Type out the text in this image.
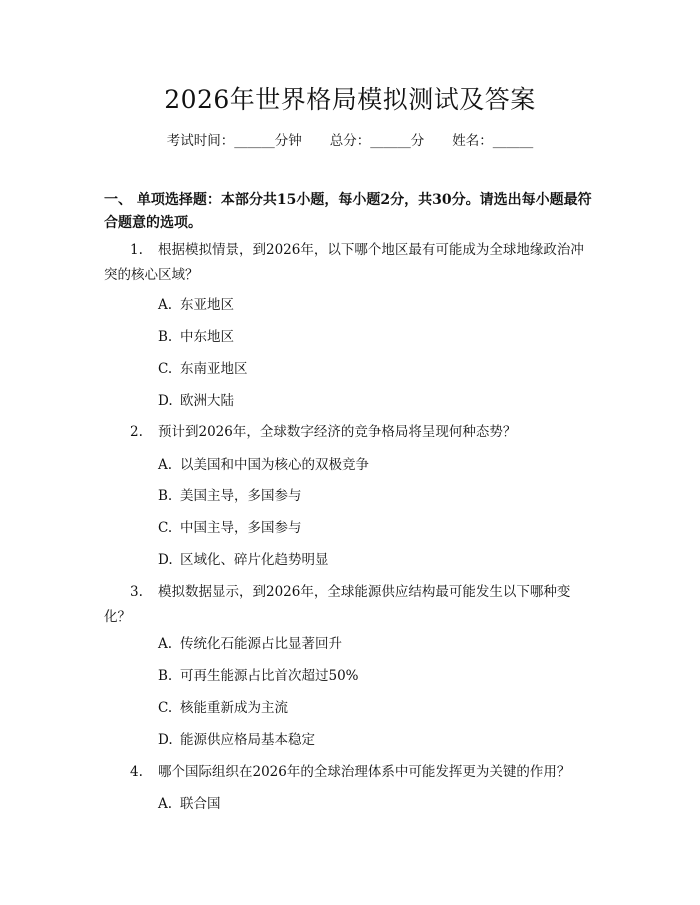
2026年世界格局模拟测试及答案
考试时间：______分钟 总分：______分 姓名：______
一、 单项选择题：本部分共15小题，每小题2分，共30分。请选出每小题最符合题意的选项。
1. 根据模拟情景，到2026年，以下哪个地区最有可能成为全球地缘政治冲突的核心区域？
A. 东亚地区
B. 中东地区
C. 东南亚地区
D. 欧洲大陆
2. 预计到2026年，全球数字经济的竞争格局将呈现何种态势？
A. 以美国和中国为核心的双极竞争
B. 美国主导，多国参与
C. 中国主导，多国参与
D. 区域化、碎片化趋势明显
3. 模拟数据显示，到2026年，全球能源供应结构最可能发生以下哪种变化？
A. 传统化石能源占比显著回升
B. 可再生能源占比首次超过50%
C. 核能重新成为主流
D. 能源供应格局基本稳定
4. 哪个国际组织在2026年的全球治理体系中可能发挥更为关键的作用？
A. 联合国
